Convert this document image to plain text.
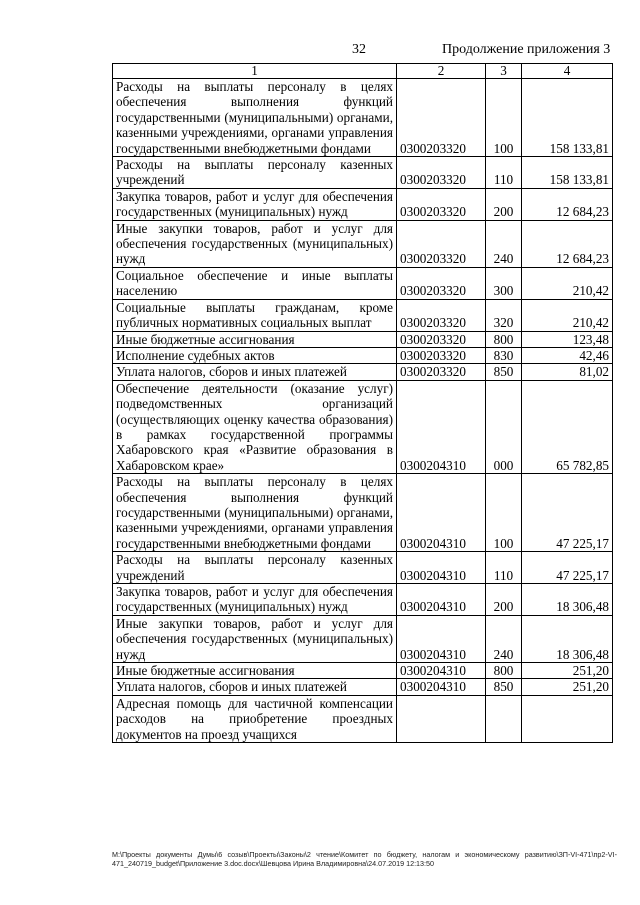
32	Продолжение приложения 3
1	2	3	4
Расходы на выплаты персоналу в целях обеспечения выполнения функций государственными (муниципальными) органами, казенными учреждениями, органами управления государственными внебюджетными фондами	0300203320	100	158 133,81
Расходы на выплаты персоналу казенных учреждений	0300203320	110	158 133,81
Закупка товаров, работ и услуг для обеспечения государственных (муниципальных) нужд	0300203320	200	12 684,23
Иные закупки товаров, работ и услуг для обеспечения государственных (муниципальных) нужд	0300203320	240	12 684,23
Социальное обеспечение и иные выплаты населению	0300203320	300	210,42
Социальные выплаты гражданам, кроме публичных нормативных социальных выплат	0300203320	320	210,42
Иные бюджетные ассигнования	0300203320	800	123,48
Исполнение судебных актов	0300203320	830	42,46
Уплата налогов, сборов и иных платежей	0300203320	850	81,02
Обеспечение деятельности (оказание услуг) подведомственных организаций (осуществляющих оценку качества образования) в рамках государственной программы Хабаровского края «Развитие образования в Хабаровском крае»	0300204310	000	65 782,85
Расходы на выплаты персоналу в целях обеспечения выполнения функций государственными (муниципальными) органами, казенными учреждениями, органами управления государственными внебюджетными фондами	0300204310	100	47 225,17
Расходы на выплаты персоналу казенных учреждений	0300204310	110	47 225,17
Закупка товаров, работ и услуг для обеспечения государственных (муниципальных) нужд	0300204310	200	18 306,48
Иные закупки товаров, работ и услуг для обеспечения государственных (муниципальных) нужд	0300204310	240	18 306,48
Иные бюджетные ассигнования	0300204310	800	251,20
Уплата налогов, сборов и иных платежей	0300204310	850	251,20
Адресная помощь для частичной компенсации расходов на приобретение проездных документов на проезд учащихся			
М:\Проекты документы Думы\6 созыв\Проекты\Законы\2 чтение\Комитет по бюджету, налогам и экономическому развитию\ЗП-VI-471\пр2-VI-471_240719_budget\Приложение 3.doc.docx\Шевцова Ирина Владимировна\24.07.2019 12:13:50
